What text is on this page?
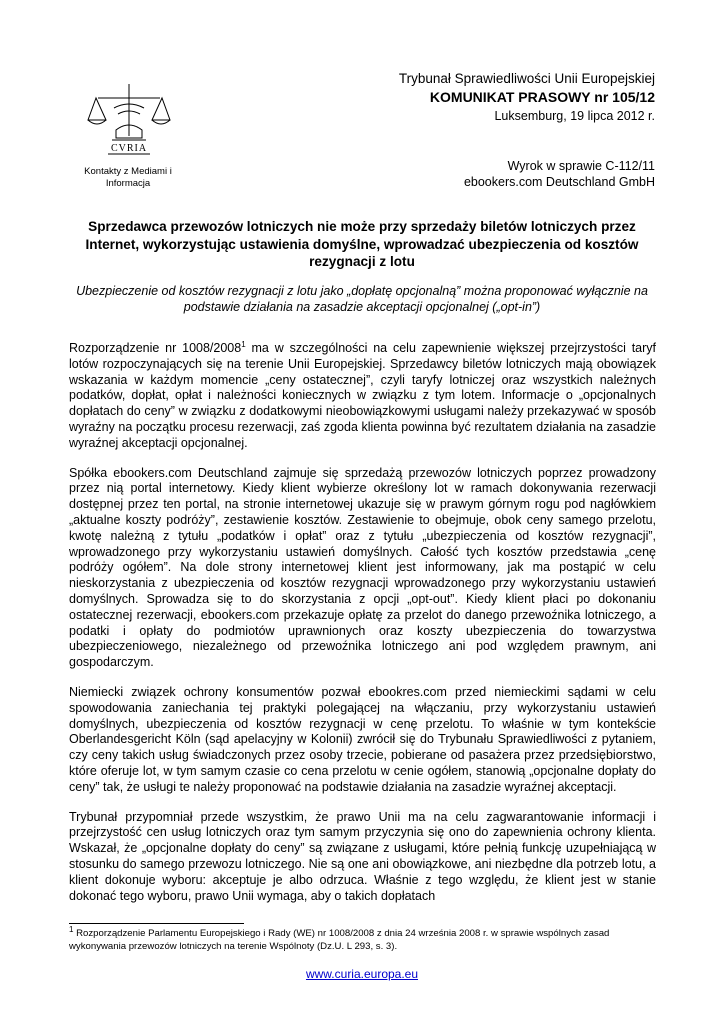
CVRIA
Kontakty z Mediami i
Informacja
Trybunał Sprawiedliwości Unii Europejskiej
KOMUNIKAT PRASOWY nr 105/12
Luksemburg, 19 lipca 2012 r.
Wyrok w sprawie C-112/11
ebookers.com Deutschland GmbH
Sprzedawca przewozów lotniczych nie może przy sprzedaży biletów lotniczych przez Internet, wykorzystując ustawienia domyślne, wprowadzać ubezpieczenia od kosztów rezygnacji z lotu
Ubezpieczenie od kosztów rezygnacji z lotu jako „dopłatę opcjonalną” można proponować wyłącznie na podstawie działania na zasadzie akceptacji opcjonalnej („opt-in”)

Rozporządzenie nr 1008/2008$^1$ ma w szczególności na celu zapewnienie większej przejrzystości taryf lotów rozpoczynających się na terenie Unii Europejskiej. Sprzedawcy biletów lotniczych mają obowiązek wskazania w każdym momencie „ceny ostatecznej”, czyli taryfy lotniczej oraz wszystkich należnych podatków, dopłat, opłat i należności koniecznych w związku z tym lotem. Informacje o „opcjonalnych dopłatach do ceny” w związku z dodatkowymi nieobowiązkowymi usługami należy przekazywać w sposób wyraźny na początku procesu rezerwacji, zaś zgoda klienta powinna być rezultatem działania na zasadzie wyraźnej akceptacji opcjonalnej.

Spółka ebookers.com Deutschland zajmuje się sprzedażą przewozów lotniczych poprzez prowadzony przez nią portal internetowy. Kiedy klient wybierze określony lot w ramach dokonywania rezerwacji dostępnej przez ten portal, na stronie internetowej ukazuje się w prawym górnym rogu pod nagłówkiem „aktualne koszty podróży”, zestawienie kosztów. Zestawienie to obejmuje, obok ceny samego przelotu, kwotę należną z tytułu „podatków i opłat” oraz z tytułu „ubezpieczenia od kosztów rezygnacji”, wprowadzonego przy wykorzystaniu ustawień domyślnych. Całość tych kosztów przedstawia „cenę podróży ogółem”. Na dole strony internetowej klient jest informowany, jak ma postąpić w celu nieskorzystania z ubezpieczenia od kosztów rezygnacji wprowadzonego przy wykorzystaniu ustawień domyślnych. Sprowadza się to do skorzystania z opcji „opt-out”. Kiedy klient płaci po dokonaniu ostatecznej rezerwacji, ebookers.com przekazuje opłatę za przelot do danego przewoźnika lotniczego, a podatki i opłaty do podmiotów uprawnionych oraz koszty ubezpieczenia do towarzystwa ubezpieczeniowego, niezależnego od przewoźnika lotniczego ani pod względem prawnym, ani gospodarczym.

Niemiecki związek ochrony konsumentów pozwał ebookres.com przed niemieckimi sądami w celu spowodowania zaniechania tej praktyki polegającej na włączaniu, przy wykorzystaniu ustawień domyślnych, ubezpieczenia od kosztów rezygnacji w cenę przelotu. To właśnie w tym kontekście Oberlandesgericht Köln (sąd apelacyjny w Kolonii) zwrócił się do Trybunału Sprawiedliwości z pytaniem, czy ceny takich usług świadczonych przez osoby trzecie, pobierane od pasażera przez przedsiębiorstwo, które oferuje lot, w tym samym czasie co cena przelotu w cenie ogółem, stanowią „opcjonalne dopłaty do ceny” tak, że usługi te należy proponować na podstawie działania na zasadzie wyraźnej akceptacji.

Trybunał przypomniał przede wszystkim, że prawo Unii ma na celu zagwarantowanie informacji i przejrzystość cen usług lotniczych oraz tym samym przyczynia się ono do zapewnienia ochrony klienta. Wskazał, że „opcjonalne dopłaty do ceny” są związane z usługami, które pełnią funkcję uzupełniającą w stosunku do samego przewozu lotniczego. Nie są one ani obowiązkowe, ani niezbędne dla potrzeb lotu, a klient dokonuje wyboru: akceptuje je albo odrzuca. Właśnie z tego względu, że klient jest w stanie dokonać tego wyboru, prawo Unii wymaga, aby o takich dopłatach

$^1$ Rozporządzenie Parlamentu Europejskiego i Rady (WE) nr 1008/2008 z dnia 24 września 2008 r. w sprawie wspólnych zasad wykonywania przewozów lotniczych na terenie Wspólnoty (Dz.U. L 293, s. 3).
www.curia.europa.eu
